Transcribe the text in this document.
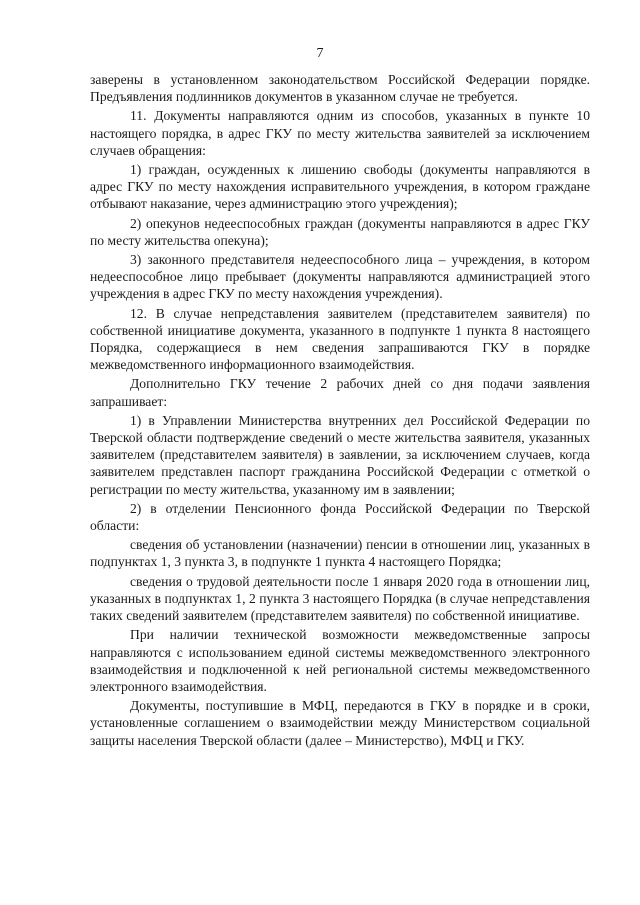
7

заверены в установленном законодательством Российской Федерации порядке. Предъявления подлинников документов в указанном случае не требуется.

11. Документы направляются одним из способов, указанных в пункте 10 настоящего порядка, в адрес ГКУ по месту жительства заявителей за исключением случаев обращения:

1) граждан, осужденных к лишению свободы (документы направляются в адрес ГКУ по месту нахождения исправительного учреждения, в котором гражданe отбывают наказание, через администрацию этого учреждения);

2) опекунов недееспособных граждан (документы направляются в адрес ГКУ по месту жительства опекуна);

3) законного представителя недееспособного лица – учреждения, в котором недееспособное лицо пребывает (документы направляются администрацией этого учреждения в адрес ГКУ по месту нахождения учреждения).

12. В случае непредставления заявителем (представителем заявителя) по собственной инициативе документа, указанного в подпункте 1 пункта 8 настоящего Порядка, содержащиеся в нем сведения запрашиваются ГКУ в порядке межведомственного информационного взаимодействия.

Дополнительно ГКУ течение 2 рабочих дней со дня подачи заявления запрашивает:

1) в Управлении Министерства внутренних дел Российской Федерации по Тверской области подтверждение сведений о месте жительства заявителя, указанных заявителем (представителем заявителя) в заявлении, за исключением случаев, когда заявителем представлен паспорт гражданина Российской Федерации с отметкой о регистрации по месту жительства, указанному им в заявлении;

2) в отделении Пенсионного фонда Российской Федерации по Тверской области:

сведения об установлении (назначении) пенсии в отношении лиц, указанных в подпунктах 1, 3 пункта 3, в подпункте 1 пункта 4 настоящего Порядка;

сведения о трудовой деятельности после 1 января 2020 года в отношении лиц, указанных в подпунктах 1, 2 пункта 3 настоящего Порядка (в случае непредставления таких сведений заявителем (представителем заявителя) по собственной инициативе.

При наличии технической возможности межведомственные запросы направляются с использованием единой системы межведомственного электронного взаимодействия и подключенной к ней региональной системы межведомственного электронного взаимодействия.

Документы, поступившие в МФЦ, передаются в ГКУ в порядке и в сроки, установленные соглашением о взаимодействии между Министерством социальной защиты населения Тверской области (далее – Министерство), МФЦ и ГКУ.
